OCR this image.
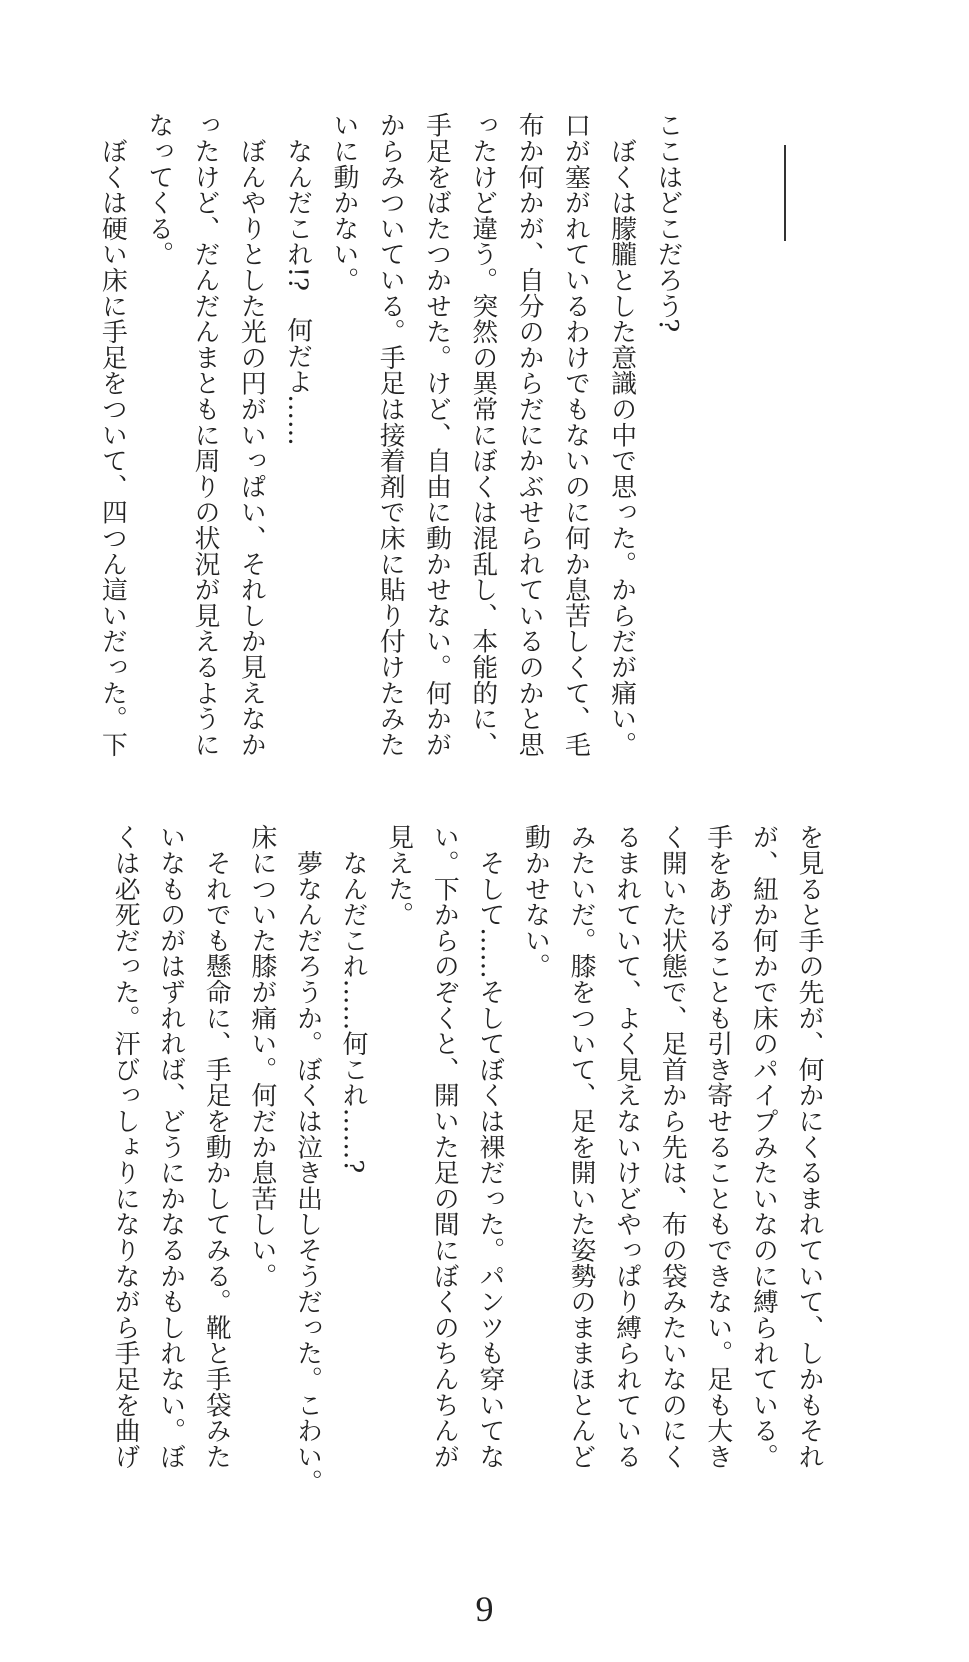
ここはどこだろう?
　ぼくは朦朧とした意識の中で思った。からだが痛い。
口が塞がれているわけでもないのに何か息苦しくて、毛
布か何かが、自分のからだにかぶせられているのかと思
ったけど違う。突然の異常にぼくは混乱し、本能的に、
手足をばたつかせた。けど、自由に動かせない。何かが
からみついている。手足は接着剤で床に貼り付けたみた
いに動かない。
　なんだこれ!?　何だよ……
　ぼんやりとした光の円がいっぱい、それしか見えなか
ったけど、だんだんまともに周りの状況が見えるように
なってくる。
　ぼくは硬い床に手足をついて、四つん這いだった。下
を見ると手の先が、何かにくるまれていて、しかもそれ
が、紐か何かで床のパイプみたいなのに縛られている。
手をあげることも引き寄せることもできない。足も大き
く開いた状態で、足首から先は、布の袋みたいなのにく
るまれていて、よく見えないけどやっぱり縛られている
みたいだ。膝をついて、足を開いた姿勢のままほとんど
動かせない。
　そして……そしてぼくは裸だった。パンツも穿いてな
い。下からのぞくと、開いた足の間にぼくのちんちんが
見えた。
　なんだこれ……何これ……?
　夢なんだろうか。ぼくは泣き出しそうだった。こわい。
床についた膝が痛い。何だか息苦しい。
　それでも懸命に、手足を動かしてみる。靴と手袋みた
いなものがはずれれば、どうにかなるかもしれない。ぼ
くは必死だった。汗びっしょりになりながら手足を曲げ
9
